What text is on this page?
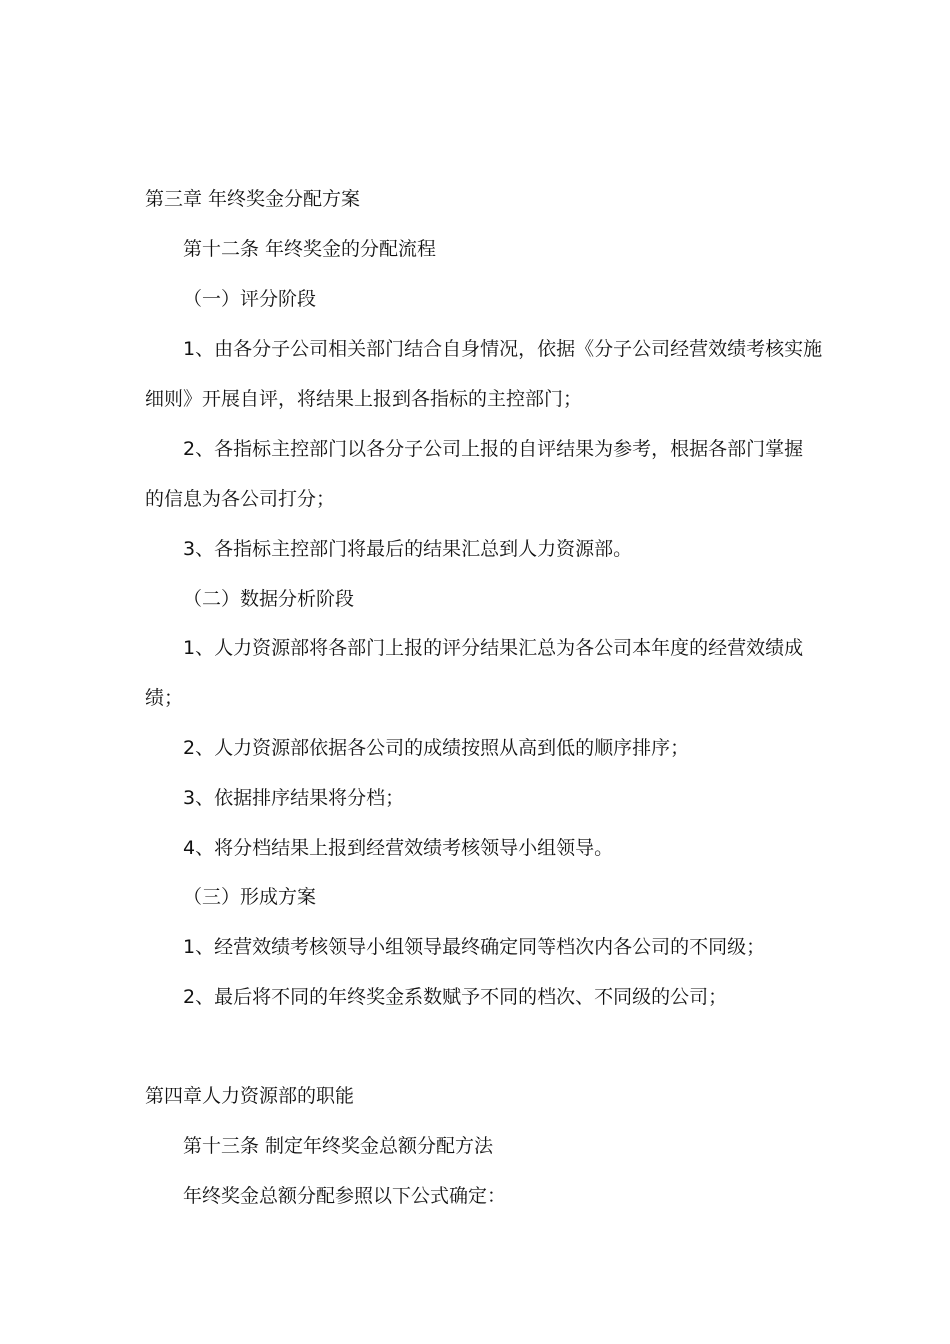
第三章 年终奖金分配方案
第十二条 年终奖金的分配流程
（一）评分阶段
1、由各分子公司相关部门结合自身情况，依据《分子公司经营效绩考核实施
细则》开展自评，将结果上报到各指标的主控部门；
2、各指标主控部门以各分子公司上报的自评结果为参考，根据各部门掌握
的信息为各公司打分；
3、各指标主控部门将最后的结果汇总到人力资源部。
（二）数据分析阶段
1、人力资源部将各部门上报的评分结果汇总为各公司本年度的经营效绩成
绩；
2、人力资源部依据各公司的成绩按照从高到低的顺序排序；
3、依据排序结果将分档；
4、将分档结果上报到经营效绩考核领导小组领导。
（三）形成方案
1、经营效绩考核领导小组领导最终确定同等档次内各公司的不同级；
2、最后将不同的年终奖金系数赋予不同的档次、不同级的公司；
第四章人力资源部的职能
第十三条 制定年终奖金总额分配方法
年终奖金总额分配参照以下公式确定：
